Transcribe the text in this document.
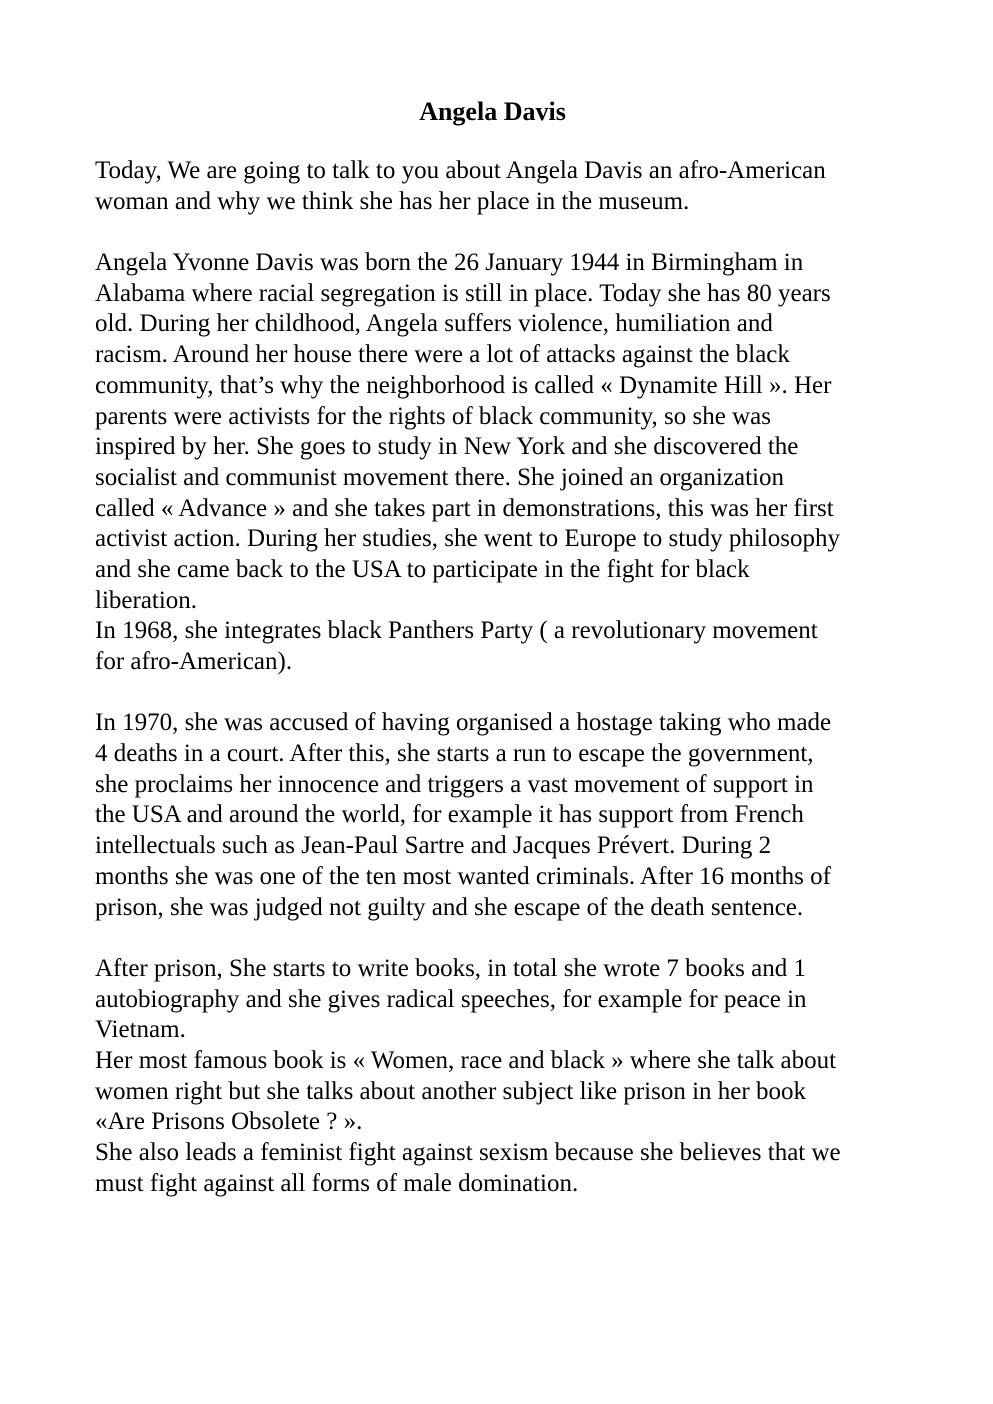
Angela Davis

Today, We are going to talk to you about Angela Davis an afro-American
woman and why we think she has her place in the museum.

Angela Yvonne Davis was born the 26 January 1944 in Birmingham in
Alabama where racial segregation is still in place. Today she has 80 years
old. During her childhood, Angela suffers violence, humiliation and
racism. Around her house there were a lot of attacks against the black
community, that’s why the neighborhood is called « Dynamite Hill ». Her
parents were activists for the rights of black community, so she was
inspired by her. She goes to study in New York and she discovered the
socialist and communist movement there. She joined an organization
called « Advance » and she takes part in demonstrations, this was her first
activist action. During her studies, she went to Europe to study philosophy
and she came back to the USA to participate in the fight for black
liberation.
In 1968, she integrates black Panthers Party ( a revolutionary movement
for afro-American).

In 1970, she was accused of having organised a hostage taking who made
4 deaths in a court. After this, she starts a run to escape the government,
she proclaims her innocence and triggers a vast movement of support in
the USA and around the world, for example it has support from French
intellectuals such as Jean-Paul Sartre and Jacques Prévert. During 2
months she was one of the ten most wanted criminals. After 16 months of
prison, she was judged not guilty and she escape of the death sentence.

After prison, She starts to write books, in total she wrote 7 books and 1
autobiography and she gives radical speeches, for example for peace in
Vietnam.
Her most famous book is « Women, race and black » where she talk about
women right but she talks about another subject like prison in her book
«Are Prisons Obsolete ? ».
She also leads a feminist fight against sexism because she believes that we
must fight against all forms of male domination.
